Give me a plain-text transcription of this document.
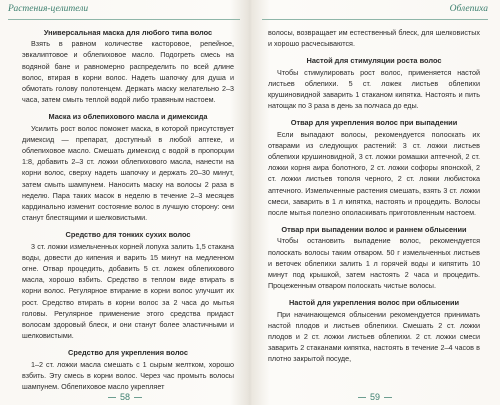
Растения-целители
Универсальная маска для любого типа волос

Взять в равном количестве касторовое, репейное, эвкалиптовое и облепиховое масло. Подогреть смесь на водяной бане и равномерно распределить по всей длине волос, втирая в корни волос. Надеть шапочку для душа и обмотать голову полотенцем. Держать маску желательно 2–3 часа, затем смыть теплой водой либо травяным настоем.

Маска из облепихового масла и димексида

Усилить рост волос поможет маска, в которой присутствует димексид — препарат, доступный в любой аптеке, и облепиховое масло. Смешать димексид с водой в пропорции 1:8, добавить 2–3 ст. ложки облепихового масла, нанести на корни волос, сверху надеть шапочку и держать 20–30 минут, затем смыть шампунем. Наносить маску на волосы 2 раза в неделю. Пара таких масок в неделю в течение 2–3 месяцев кардинально изменит состояние волос в лучшую сторону: они станут блестящими и шелковистыми.

Средство для тонких сухих волос

3 ст. ложки измельченных корней лопуха залить 1,5 стакана воды, довести до кипения и варить 15 минут на медленном огне. Отвар процедить, добавить 5 ст. ложек облепихового масла, хорошо взбить. Средство в теплом виде втирать в корни волос. Регулярное втирание в корни волос улучшит их рост. Средство втирать в корни волос за 2 часа до мытья головы. Регулярное применение этого средства придаст волосам здоровый блеск, и они станут более эластичными и шелковистыми.

Средство для укрепления волос

1–2 ст. ложки масла смешать с 1 сырым желтком, хорошо взбить. Эту смесь в корни волос. Через час промыть волосы шампунем. Облепиховое масло укрепляет

58
Облепиха

волосы, возвращает им естественный блеск, для шелковистых и хорошо расчесываются.

Настой для стимуляции роста волос

Чтобы стимулировать рост волос, применяется настой листьев облепихи. 5 ст. ложек листьев облепихи крушиновидной заварить 1 стаканом кипятка. Настоять и пить натощак по 3 раза в день за полчаса до еды.

Отвар для укрепления волос при выпадении

Если выпадают волосы, рекомендуется полоскать их отварами из следующих растений: 3 ст. ложки листьев облепихи крушиновидной, 3 ст. ложки ромашки аптечной, 2 ст. ложки корня аира болотного, 2 ст. ложки софоры японской, 2 ст. ложки листьев тополя черного, 2 ст. ложки любистока аптечного. Измельченные растения смешать, взять 3 ст. ложки смеси, заварить в 1 л кипятка, настоять и процедить. Волосы после мытья полезно ополаскивать приготовленным настоем.

Отвар при выпадении волос и раннем облысении

Чтобы остановить выпадение волос, рекомендуется полоскать волосы таким отваром. 50 г измельченных листьев и веточек облепихи залить 1 л горячей воды и кипятить 10 минут под крышкой, затем настоять 2 часа и процедить. Процеженным отваром полоскать чистые волосы.

Настой для укрепления волос при облысении

При начинающемся облысении рекомендуется принимать настой плодов и листьев облепихи. Смешать 2 ст. ложки плодов и 2 ст. ложки листьев облепихи. 2 ст. ложки смеси заварить 2 стаканами кипятка, настоять в течение 2–4 часов в плотно закрытой посуде,

59
